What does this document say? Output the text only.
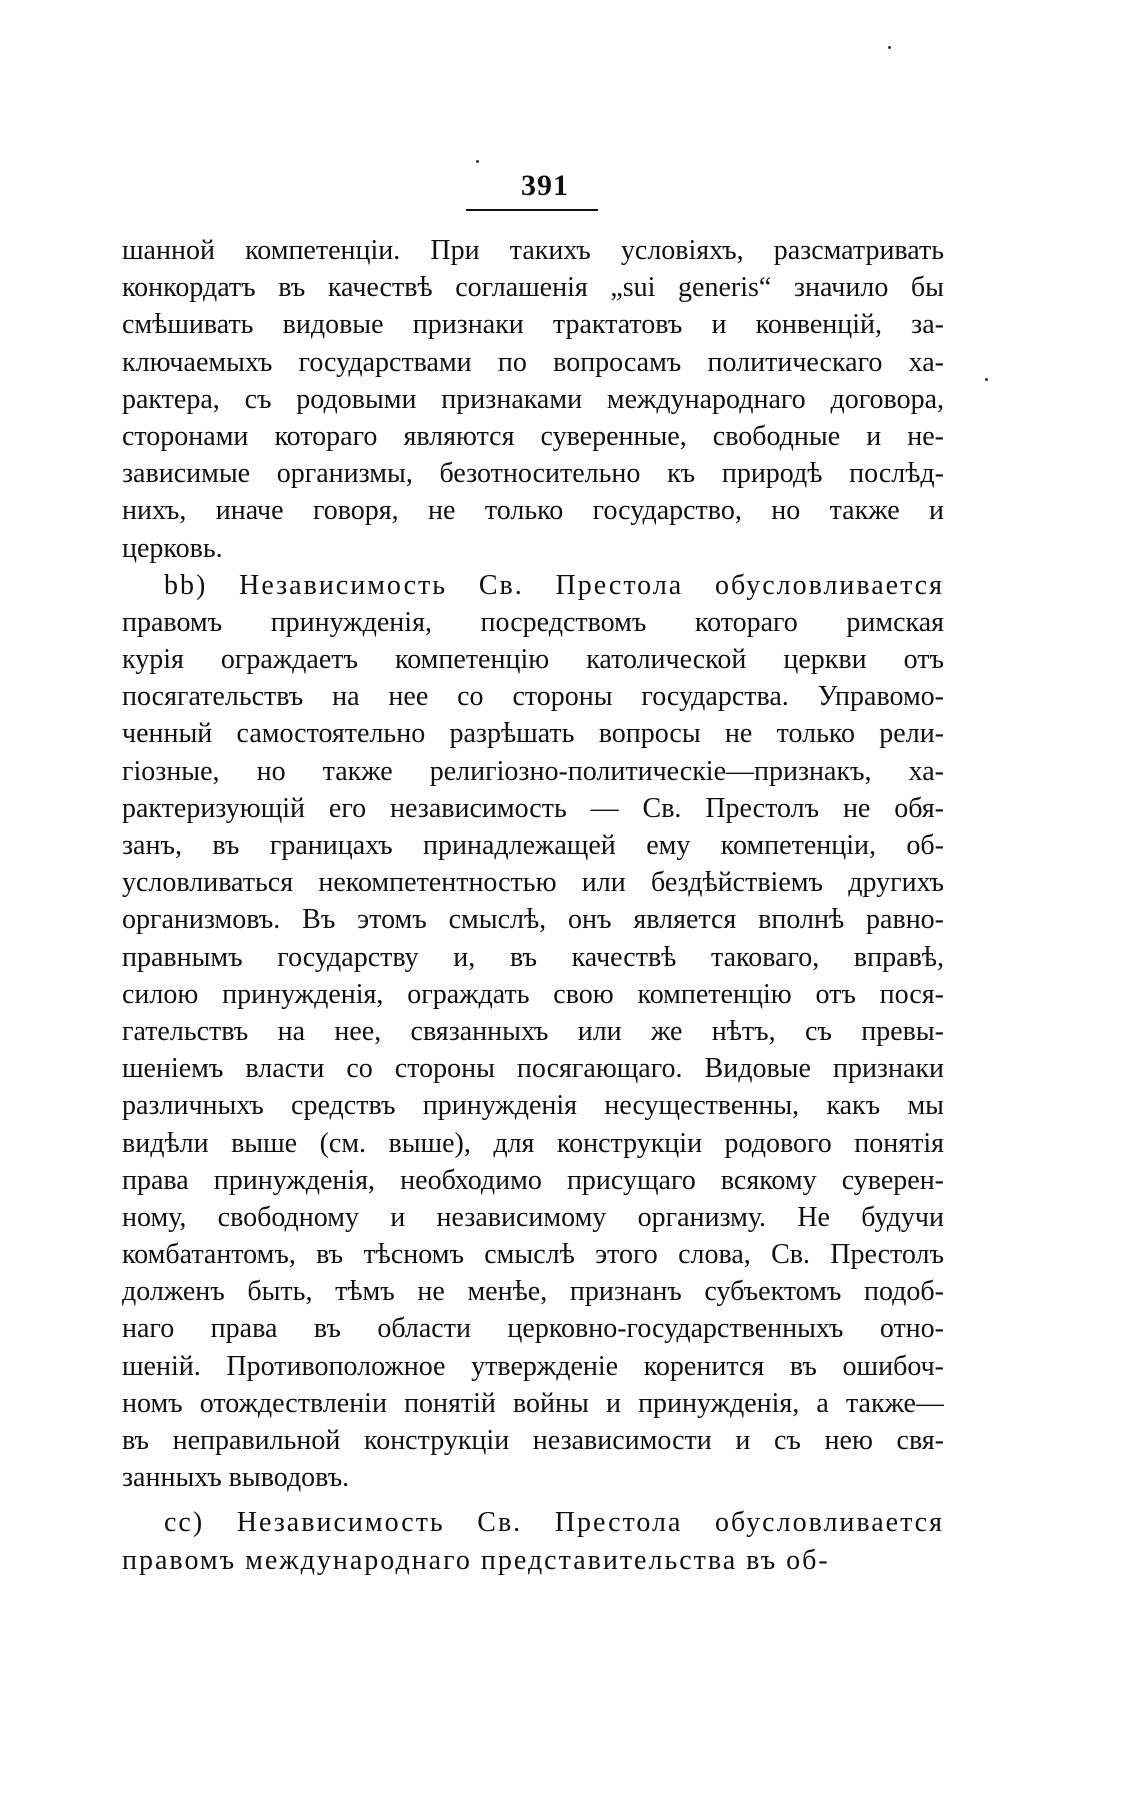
391
шанной компетенціи. При такихъ условіяхъ, разсматривать
конкордатъ въ качествѣ соглашенія „sui generis“ значило бы
смѣшивать видовые признаки трактатовъ и конвенцій, за-
ключаемыхъ государствами по вопросамъ политическаго ха-
рактера, съ родовыми признаками международнаго договора,
сторонами котораго являются суверенные, свободные и не-
зависимые организмы, безотносительно къ природѣ послѣд-
нихъ, иначе говоря, не только государство, но также и
церковь.
bb) Независимость Св. Престола обусловливается
правомъ принужденія, посредствомъ котораго римская
курія ограждаетъ компетенцію католической церкви отъ
посягательствъ на нее со стороны государства. Управомо-
ченный самостоятельно разрѣшать вопросы не только рели-
гіозные, но также религіозно-политическіе—признакъ, ха-
рактеризующій его независимость — Св. Престолъ не обя-
занъ, въ границахъ принадлежащей ему компетенціи, об-
условливаться некомпетентностью или бездѣйствіемъ другихъ
организмовъ. Въ этомъ смыслѣ, онъ является вполнѣ равно-
правнымъ государству и, въ качествѣ таковаго, вправѣ,
силою принужденія, ограждать свою компетенцію отъ пося-
гательствъ на нее, связанныхъ или же нѣтъ, съ превы-
шеніемъ власти со стороны посягающаго. Видовые признаки
различныхъ средствъ принужденія несущественны, какъ мы
видѣли выше (см. выше), для конструкціи родового понятія
права принужденія, необходимо присущаго всякому суверен-
ному, свободному и независимому организму. Не будучи
комбатантомъ, въ тѣсномъ смыслѣ этого слова, Св. Престолъ
долженъ быть, тѣмъ не менѣе, признанъ субъектомъ подоб-
наго права въ области церковно-государственныхъ отно-
шеній. Противоположное утвержденіе коренится въ ошибоч-
номъ отождествленіи понятій войны и принужденія, а также—
въ неправильной конструкціи независимости и съ нею свя-
занныхъ выводовъ.
cc) Независимость Св. Престола обусловливается
правомъ международнаго представительства въ об-
